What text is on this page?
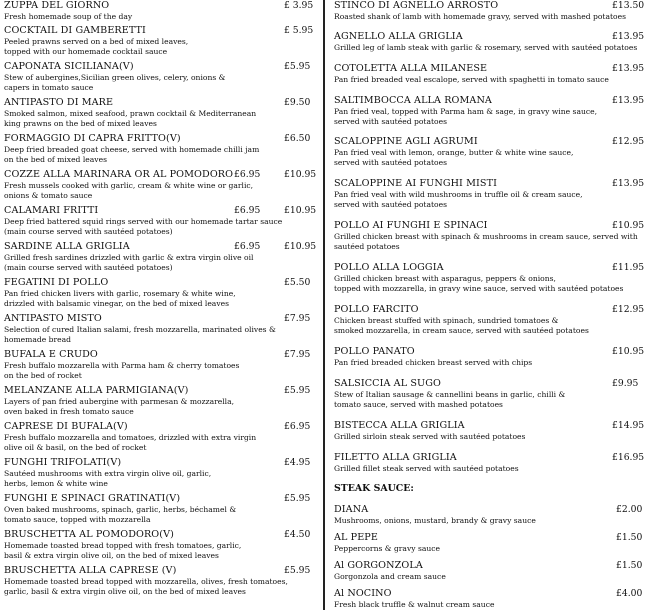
ZUPPA DEL GIORNO
Fresh homemade soup of the day
£ 3.95
COCKTAIL DI GAMBERETTI
Peeled prawns served on a bed of mixed leaves,
topped with our homemade cocktail sauce
£ 5.95
CAPONATA SICILIANA(V)
Stew of aubergines,Sicilian green olives, celery, onions &
capers in tomato sauce
£5.95
ANTIPASTO DI MARE
Smoked salmon, mixed seafood, prawn cocktail & Mediterranean
king prawns on the bed of mixed leaves
£9.50
FORMAGGIO DI CAPRA FRITTO(V)
Deep fried breaded goat cheese, served with homemade chilli jam
on the bed of mixed leaves
£6.50
COZZE ALLA MARINARA OR AL POMODORO
Fresh mussels cooked with garlic, cream & white wine or garlic,
onions & tomato sauce
£6.95	£10.95
CALAMARI FRITTI
Deep fried battered squid rings served with our homemade tartar sauce
(main course served with sautéed potatoes)
£6.95	£10.95
SARDINE ALLA GRIGLIA
Grilled fresh sardines drizzled with garlic & extra virgin olive oil
(main course served with sautéed potatoes)
£6.95	£10.95
FEGATINI DI POLLO
Pan fried chicken livers with garlic, rosemary & white wine,
drizzled with balsamic vinegar, on the bed of mixed leaves
£5.50
ANTIPASTO MISTO
Selection of cured Italian salami, fresh mozzarella, marinated olives &
homemade bread
£7.95
BUFALA E CRUDO
Fresh buffalo mozzarella with Parma ham & cherry tomatoes
on the bed of rocket
£7.95
MELANZANE ALLA PARMIGIANA(V)
Layers of pan fried aubergine with parmesan & mozzarella,
oven baked in fresh tomato sauce
£5.95
CAPRESE DI BUFALA(V)
Fresh buffalo mozzarella and tomatoes, drizzled with extra virgin
olive oil & basil, on the bed of rocket
£6.95
FUNGHI TRIFOLATI(V)
Sautéed mushrooms with extra virgin olive oil, garlic,
herbs, lemon & white wine
£4.95
FUNGHI E SPINACI GRATINATI(V)
Oven baked mushrooms, spinach, garlic, herbs, béchamel &
tomato sauce, topped with mozzarella
£5.95
BRUSCHETTA AL POMODORO(V)
Homemade toasted bread topped with fresh tomatoes, garlic,
basil & extra virgin olive oil, on the bed of mixed leaves
£4.50
BRUSCHETTA ALLA CAPRESE (V)
Homemade toasted bread topped with mozzarella, olives, fresh tomatoes,
garlic, basil & extra virgin olive oil, on the bed of mixed leaves
£5.95
STINCO DI AGNELLO ARROSTO
Roasted shank of lamb with homemade gravy, served with mashed potatoes
£13.50
AGNELLO ALLA GRIGLIA
Grilled leg of lamb steak with garlic & rosemary, served with sautéed potatoes
£13.95
COTOLETTA ALLA MILANESE
Pan fried breaded veal escalope, served with spaghetti in tomato sauce
£13.95
SALTIMBOCCA ALLA ROMANA
Pan fried veal, topped with Parma ham & sage, in gravy wine sauce,
served with sautéed potatoes
£13.95
SCALOPPINE AGLI AGRUMI
Pan fried veal with lemon, orange, butter & white wine sauce,
served with sautéed potatoes
£12.95
SCALOPPINE AI FUNGHI MISTI
Pan fried veal with wild mushrooms in truffle oil & cream sauce,
served with sautéed potatoes
£13.95
POLLO AI FUNGHI E SPINACI
Grilled chicken breast with spinach & mushrooms in cream sauce, served with
sautéed potatoes
£10.95
POLLO ALLA LOGGIA
Grilled chicken breast with asparagus, peppers & onions,
topped with mozzarella, in gravy wine sauce, served with sautéed potatoes
£11.95
POLLO FARCITO
Chicken breast stuffed with spinach, sundried tomatoes &
smoked mozzarella, in cream sauce, served with sautéed potatoes
£12.95
POLLO PANATO
Pan fried breaded chicken breast served with chips
£10.95
SALSICCIA AL SUGO
Stew of Italian sausage & cannellini beans in garlic, chilli &
tomato sauce, served with mashed potatoes
£9.95
BISTECCA ALLA GRIGLIA
Grilled sirloin steak served with sautéed potatoes
£14.95
FILETTO ALLA GRIGLIA
Grilled fillet steak served with sautéed potatoes
£16.95
STEAK SAUCE:
DIANA
Mushrooms, onions, mustard, brandy & gravy sauce
£2.00
AL PEPE
Peppercorns & gravy sauce
£1.50
Al GORGONZOLA
Gorgonzola and cream sauce
£1.50
Al NOCINO
Fresh black truffle & walnut cream sauce
£4.00
